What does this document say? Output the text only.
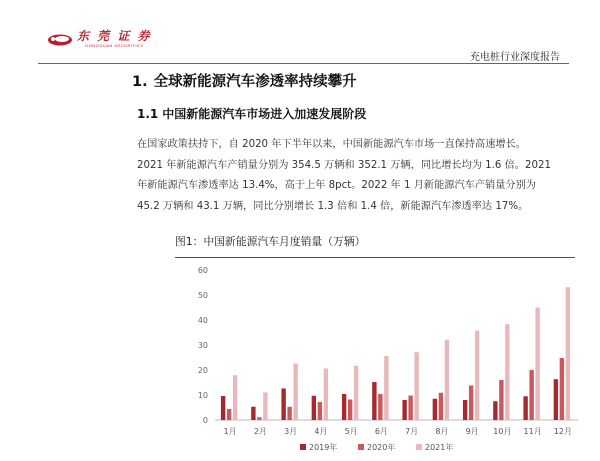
东 莞 证 券
DONGGUAN SECURITIES
充电桩行业深度报告
1. 全球新能源汽车渗透率持续攀升
1.1 中国新能源汽车市场进入加速发展阶段
在国家政策扶持下，自 2020 年下半年以来，中国新能源汽车市场一直保持高速增长。
2021 年新能源汽车产销量分别为 354.5 万辆和 352.1 万辆，同比增长均为 1.6 倍。2021
年新能源汽车渗透率达 13.4%，高于上年 8pct。2022 年 1 月新能源汽车产销量分别为
45.2 万辆和 43.1 万辆，同比分别增长 1.3 倍和 1.4 倍，新能源汽车渗透率达 17%。
图1：中国新能源汽车月度销量（万辆）
0
10
20
30
40
50
60
1月 2月 3月 4月 5月 6月 7月 8月 9月 10月 11月 12月
2019年	2020年	2021年
